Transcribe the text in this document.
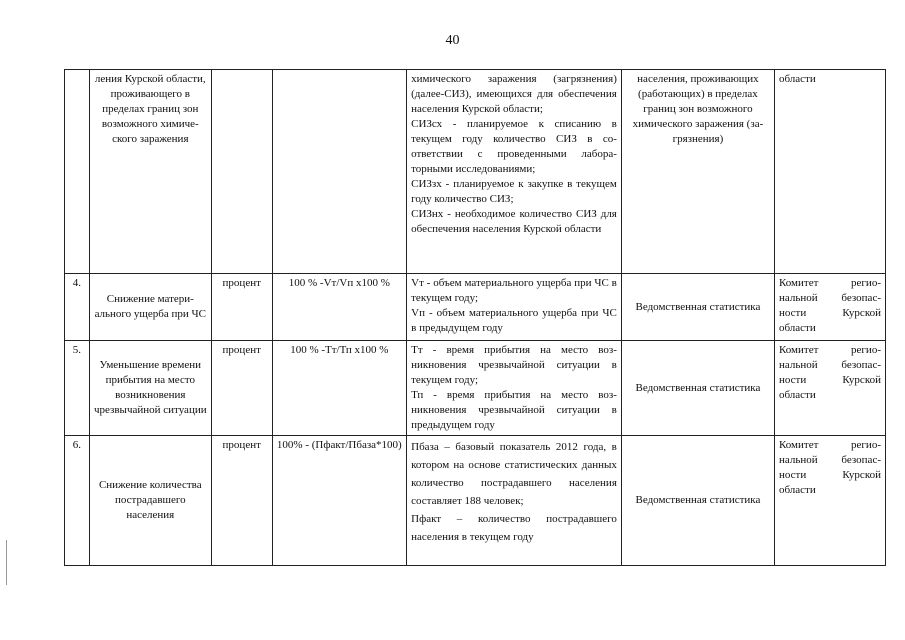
40
	ления Курской области, проживающего в пределах границ зон возможного химического заражения			химического заражения (загрязнения) (далее-СИЗ), имеющихся для обеспечения населения Курской области;
СИЗсх - планируемое к списанию в текущем году количество СИЗ в соответствии с проведенными лабораторными исследованиями;
СИЗзх - планируемое к закупке в текущем году количество СИЗ;
СИЗнх - необходимое количество СИЗ для обеспечения населения Курской области	населения, проживающих (работающих) в пределах границ зон возможного химического заражения (загрязнения)	области
4.	Снижение материального ущерба при ЧС	процент	100 % -Vт/Vп х100 %	Vт - объем материального ущерба при ЧС в текущем году;
Vп - объем материального ущерба при ЧС в предыдущем году	Ведомственная статистика	Комитет региональной безопасности Курской области
5.	Уменьшение времени прибытия на место возникновения чрезвычайной ситуации	процент	100 % -Тт/Тп х100 %	Тт - время прибытия на место возникновения чрезвычайной ситуации в текущем году;
Тп - время прибытия на место возникновения чрезвычайной ситуации в предыдущем году	Ведомственная статистика	Комитет региональной безопасности Курской области
6.	Снижение количества пострадавшего населения	процент	100% - (Пфакт/Пбаза*100)	Пбаза – базовый показатель 2012 года, в котором на основе статистических данных количество пострадавшего населения составляет 188 человек;
Пфакт – количество пострадавшего населения в текущем году	Ведомственная статистика	Комитет региональной безопасности Курской области
